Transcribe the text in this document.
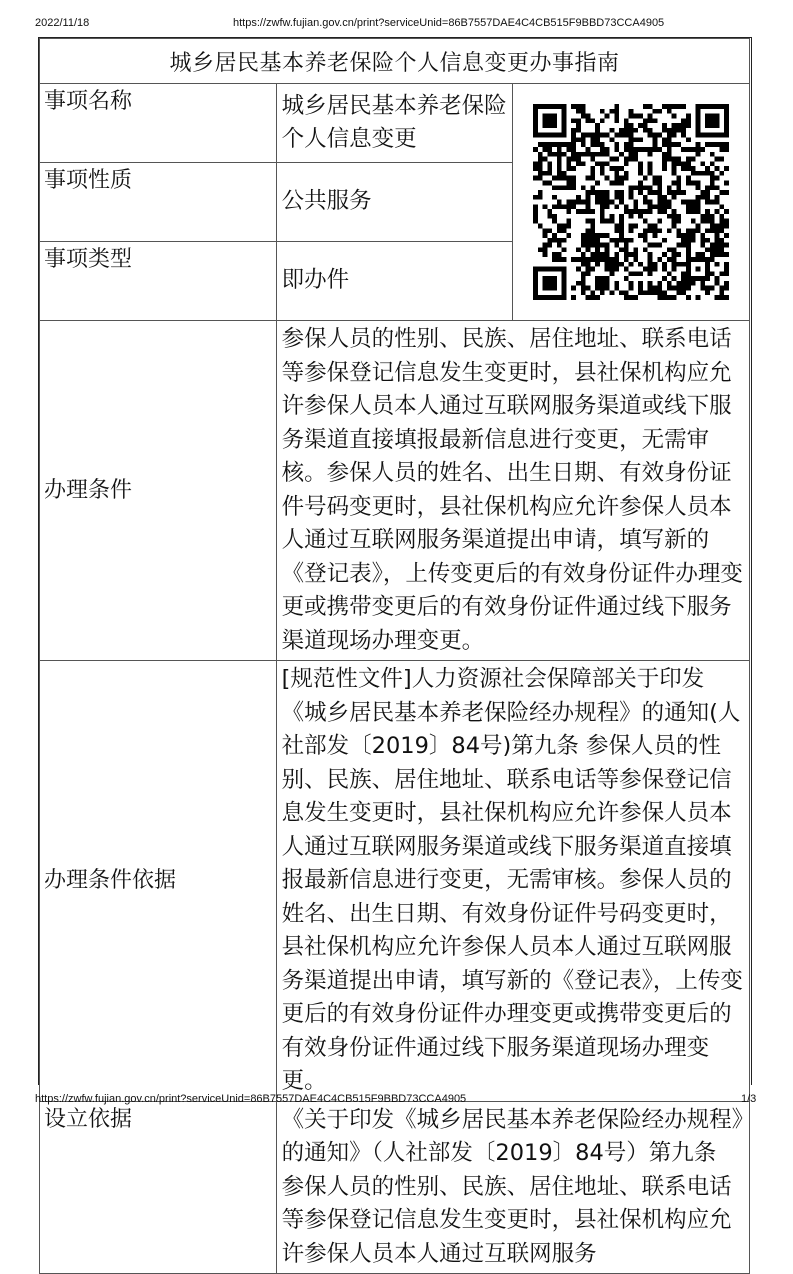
2022/11/18	https://zwfw.fujian.gov.cn/print?serviceUnid=86B7557DAE4C4CB515F9BBD73CCA4905
城乡居民基本养老保险个人信息变更办事指南		
事项名称	城乡居民基本养老保险个人信息变更	

事项性质	公共服务	
事项类型	即办件	
办理条件	参保人员的性别、民族、居住地址、联系电话等参保登记信息发生变更时，县社保机构应允许参保人员本人通过互联网服务渠道或线下服务渠道直接填报最新信息进行变更，无需审核。参保人员的姓名、出生日期、有效身份证件号码变更时，县社保机构应允许参保人员本人通过互联网服务渠道提出申请，填写新的《登记表》，上传变更后的有效身份证件办理变更或携带变更后的有效身份证件通过线下服务渠道现场办理变更。	
办理条件依据	[规范性文件]人力资源社会保障部关于印发《城乡居民基本养老保险经办规程》的通知(人社部发〔2019〕84号)第九条 参保人员的性别、民族、居住地址、联系电话等参保登记信息发生变更时，县社保机构应允许参保人员本人通过互联网服务渠道或线下服务渠道直接填报最新信息进行变更，无需审核。参保人员的姓名、出生日期、有效身份证件号码变更时，县社保机构应允许参保人员本人通过互联网服务渠道提出申请，填写新的《登记表》，上传变更后的有效身份证件办理变更或携带变更后的有效身份证件通过线下服务渠道现场办理变更。	
设立依据	《关于印发《城乡居民基本养老保险经办规程》的通知》（人社部发〔2019〕84号）第九条 参保人员的性别、民族、居住地址、联系电话等参保登记信息发生变更时，县社保机构应允许参保人员本人通过互联网服务	
https://zwfw.fujian.gov.cn/print?serviceUnid=86B7557DAE4C4CB515F9BBD73CCA4905	1/3
